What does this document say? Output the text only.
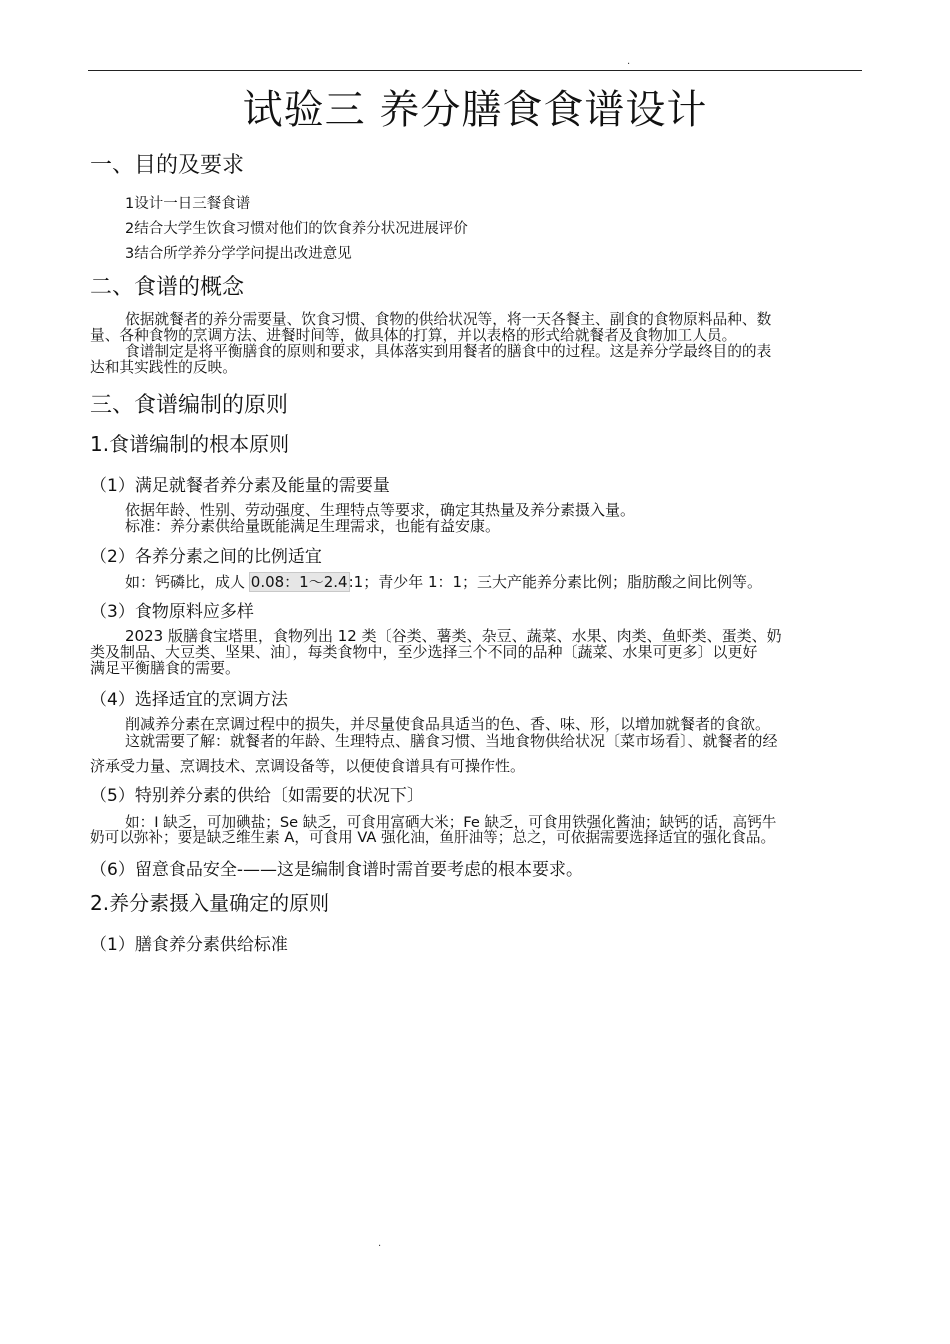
.
试验三 养分膳食食谱设计
一、目的及要求
1设计一日三餐食谱
2结合大学生饮食习惯对他们的饮食养分状况进展评价
3结合所学养分学学问提出改进意见
二、食谱的概念
依据就餐者的养分需要量、饮食习惯、食物的供给状况等，将一天各餐主、副食的食物原料品种、数
量、各种食物的烹调方法、进餐时间等，做具体的打算，并以表格的形式给就餐者及食物加工人员。
食谱制定是将平衡膳食的原则和要求，具体落实到用餐者的膳食中的过程。这是养分学最终目的的表
达和其实践性的反映。
三、食谱编制的原则
1.食谱编制的根本原则
（1）满足就餐者养分素及能量的需要量
依据年龄、性别、劳动强度、生理特点等要求，确定其热量及养分素摄入量。
标准：养分素供给量既能满足生理需求，也能有益安康。
（2）各养分素之间的比例适宜
如：钙磷比，成人 0.08：1～2.4:1；青少年 1：1；三大产能养分素比例；脂肪酸之间比例等。
（3）食物原料应多样
2023 版膳食宝塔里，食物列出 12 类〔谷类、薯类、杂豆、蔬菜、水果、肉类、鱼虾类、蛋类、奶
类及制品、大豆类、坚果、油〕，每类食物中，至少选择三个不同的品种〔蔬菜、水果可更多〕以更好
满足平衡膳食的需要。
（4）选择适宜的烹调方法
削减养分素在烹调过程中的损失，并尽量使食品具适当的色、香、味、形，以增加就餐者的食欲。
这就需要了解：就餐者的年龄、生理特点、膳食习惯、当地食物供给状况〔菜市场看〕、就餐者的经
济承受力量、烹调技术、烹调设备等，以便使食谱具有可操作性。
（5）特别养分素的供给〔如需要的状况下〕
如：I 缺乏，可加碘盐；Se 缺乏，可食用富硒大米；Fe 缺乏，可食用铁强化酱油；缺钙的话，高钙牛
奶可以弥补；要是缺乏维生素 A，可食用 VA 强化油，鱼肝油等；总之，可依据需要选择适宜的强化食品。
（6）留意食品安全-——这是编制食谱时需首要考虑的根本要求。
2.养分素摄入量确定的原则
（1）膳食养分素供给标准
.
